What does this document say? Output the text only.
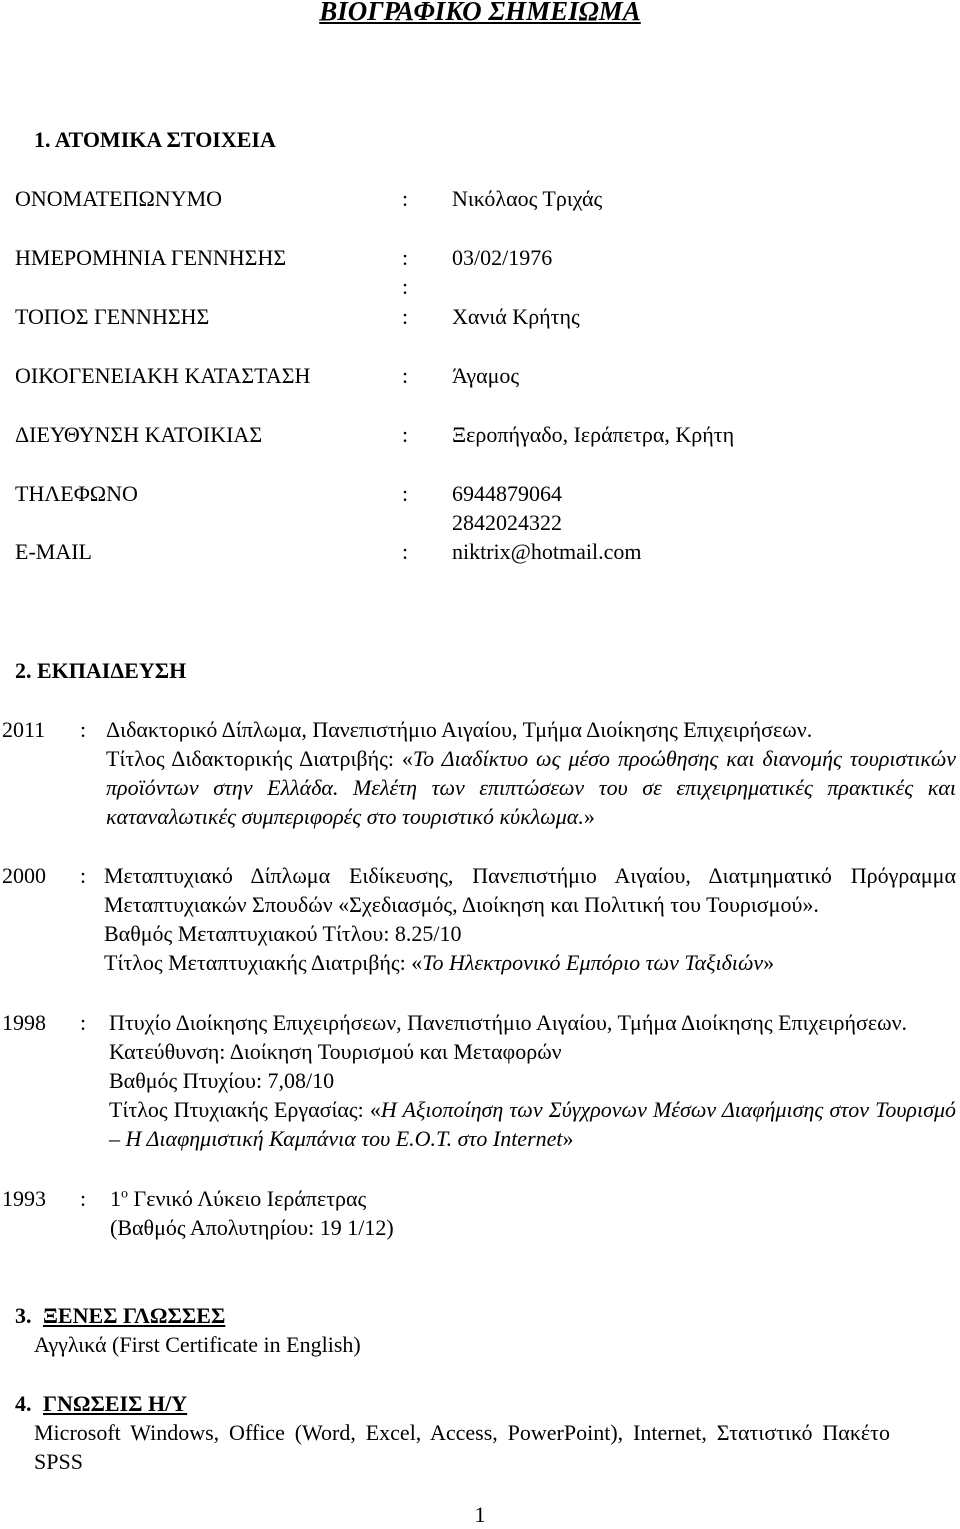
ΒΙΟΓΡΑΦΙΚΟ ΣΗΜΕΙΩΜΑ
1. ΑΤΟΜΙΚΑ ΣΤΟΙΧΕΙΑ
ΟΝΟΜΑΤΕΠΩΝΥΜΟ	: Νικόλαος Τριχάς
ΗΜΕΡΟΜΗΝΙΑ ΓΕΝΝΗΣΗΣ	: 03/02/1976
:
ΤΟΠΟΣ ΓΕΝΝΗΣΗΣ	: Χανιά Κρήτης
ΟΙΚΟΓΕΝΕΙΑΚΗ ΚΑΤΑΣΤΑΣΗ	: Άγαμος
ΔΙΕΥΘΥΝΣΗ ΚΑΤΟΙΚΙΑΣ	: Ξεροπήγαδο, Ιεράπετρα, Κρήτη
ΤΗΛΕΦΩΝΟ	: 6944879064
2842024322
E-MAIL	: niktrix@hotmail.com
2. ΕΚΠΑΙΔΕΥΣΗ
2011 : Διδακτορικό Δίπλωμα, Πανεπιστήμιο Αιγαίου, Τμήμα Διοίκησης Επιχειρήσεων.
Τίτλος Διδακτορικής Διατριβής: «Το Διαδίκτυο ως μέσο προώθησης και διανομής τουριστικών προϊόντων στην Ελλάδα. Μελέτη των επιπτώσεων του σε επιχειρηματικές πρακτικές και καταναλωτικές συμπεριφορές στο τουριστικό κύκλωμα.»
2000 : Μεταπτυχιακό Δίπλωμα Ειδίκευσης, Πανεπιστήμιο Αιγαίου, Διατμηματικό Πρόγραμμα Μεταπτυχιακών Σπουδών «Σχεδιασμός, Διοίκηση και Πολιτική του Τουρισμού».
Βαθμός Μεταπτυχιακού Τίτλου: 8.25/10
Τίτλος Μεταπτυχιακής Διατριβής: «Το Ηλεκτρονικό Εμπόριο των Ταξιδιών»
1998 : Πτυχίο Διοίκησης Επιχειρήσεων, Πανεπιστήμιο Αιγαίου, Τμήμα Διοίκησης Επιχειρήσεων.
Κατεύθυνση: Διοίκηση Τουρισμού και Μεταφορών
Βαθμός Πτυχίου: 7,08/10
Τίτλος Πτυχιακής Εργασίας: «Η Αξιοποίηση των Σύγχρονων Μέσων Διαφήμισης στον Τουρισμό – Η Διαφημιστική Καμπάνια του Ε.Ο.Τ. στο Internet»
1993 : $1^o$ Γενικό Λύκειο Ιεράπετρας
(Βαθμός Απολυτηρίου: 19 1/12)
3. ΞΕΝΕΣ ΓΛΩΣΣΕΣ
Αγγλικά (First Certificate in English)
4. ΓΝΩΣΕΙΣ Η/Υ
Microsoft Windows, Office (Word, Excel, Access, PowerPoint), Internet, Στατιστικό Πακέτο SPSS
1
